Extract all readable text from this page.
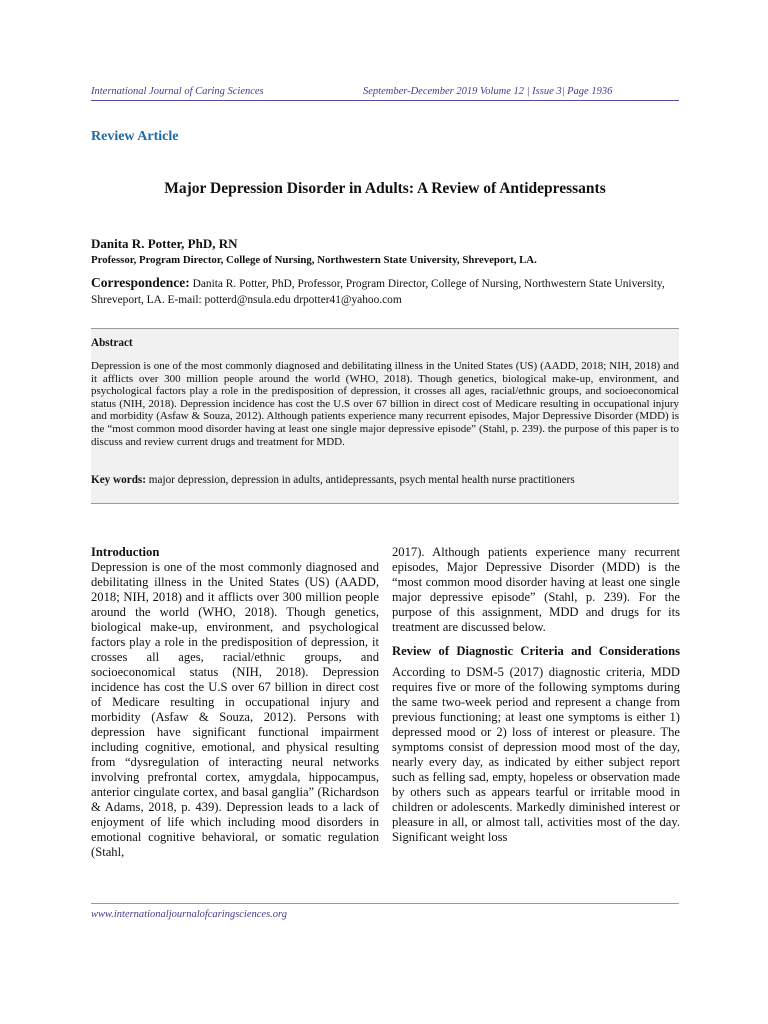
International Journal of Caring Sciences	September-December 2019 Volume 12 | Issue 3| Page 1936
Review Article
Major Depression Disorder in Adults: A Review of Antidepressants
Danita R. Potter, PhD, RN
Professor, Program Director, College of Nursing, Northwestern State University, Shreveport, LA.
Correspondence: Danita R. Potter, PhD, Professor, Program Director, College of Nursing, Northwestern State University, Shreveport, LA. E-mail: potterd@nsula.edu drpotter41@yahoo.com
Abstract
Depression is one of the most commonly diagnosed and debilitating illness in the United States (US) (AADD, 2018; NIH, 2018) and it afflicts over 300 million people around the world (WHO, 2018). Though genetics, biological make-up, environment, and psychological factors play a role in the predisposition of depression, it crosses all ages, racial/ethnic groups, and socioeconomical status (NIH, 2018). Depression incidence has cost the U.S over 67 billion in direct cost of Medicare resulting in occupational injury and morbidity (Asfaw & Souza, 2012). Although patients experience many recurrent episodes, Major Depressive Disorder (MDD) is the “most common mood disorder having at least one single major depressive episode” (Stahl, p. 239). the purpose of this paper is to discuss and review current drugs and treatment for MDD.
Key words: major depression, depression in adults, antidepressants, psych mental health nurse practitioners

Introduction

Depression is one of the most commonly diagnosed and debilitating illness in the United States (US) (AADD, 2018; NIH, 2018) and it afflicts over 300 million people around the world (WHO, 2018). Though genetics, biological make-up, environment, and psychological factors play a role in the predisposition of depression, it crosses all ages, racial/ethnic groups, and socioeconomical status (NIH, 2018). Depression incidence has cost the U.S over 67 billion in direct cost of Medicare resulting in occupational injury and morbidity (Asfaw & Souza, 2012). Persons with depression have significant functional impairment including cognitive, emotional, and physical resulting from “dysregulation of interacting neural networks involving prefrontal cortex, amygdala, hippocampus, anterior cingulate cortex, and basal ganglia” (Richardson & Adams, 2018, p. 439). Depression leads to a lack of enjoyment of life which including mood disorders in emotional cognitive behavioral, or somatic regulation (Stahl,

2017). Although patients experience many recurrent episodes, Major Depressive Disorder (MDD) is the “most common mood disorder having at least one single major depressive episode” (Stahl, p. 239). For the purpose of this assignment, MDD and drugs for its treatment are discussed below.

Review of Diagnostic Criteria and Considerations

According to DSM-5 (2017) diagnostic criteria, MDD requires five or more of the following symptoms during the same two-week period and represent a change from previous functioning; at least one symptoms is either 1) depressed mood or 2) loss of interest or pleasure. The symptoms consist of depression mood most of the day, nearly every day, as indicated by either subject report such as felling sad, empty, hopeless or observation made by others such as appears tearful or irritable mood in children or adolescents. Markedly diminished interest or pleasure in all, or almost tall, activities most of the day. Significant weight loss

www.internationaljournalofcaringsciences.org
